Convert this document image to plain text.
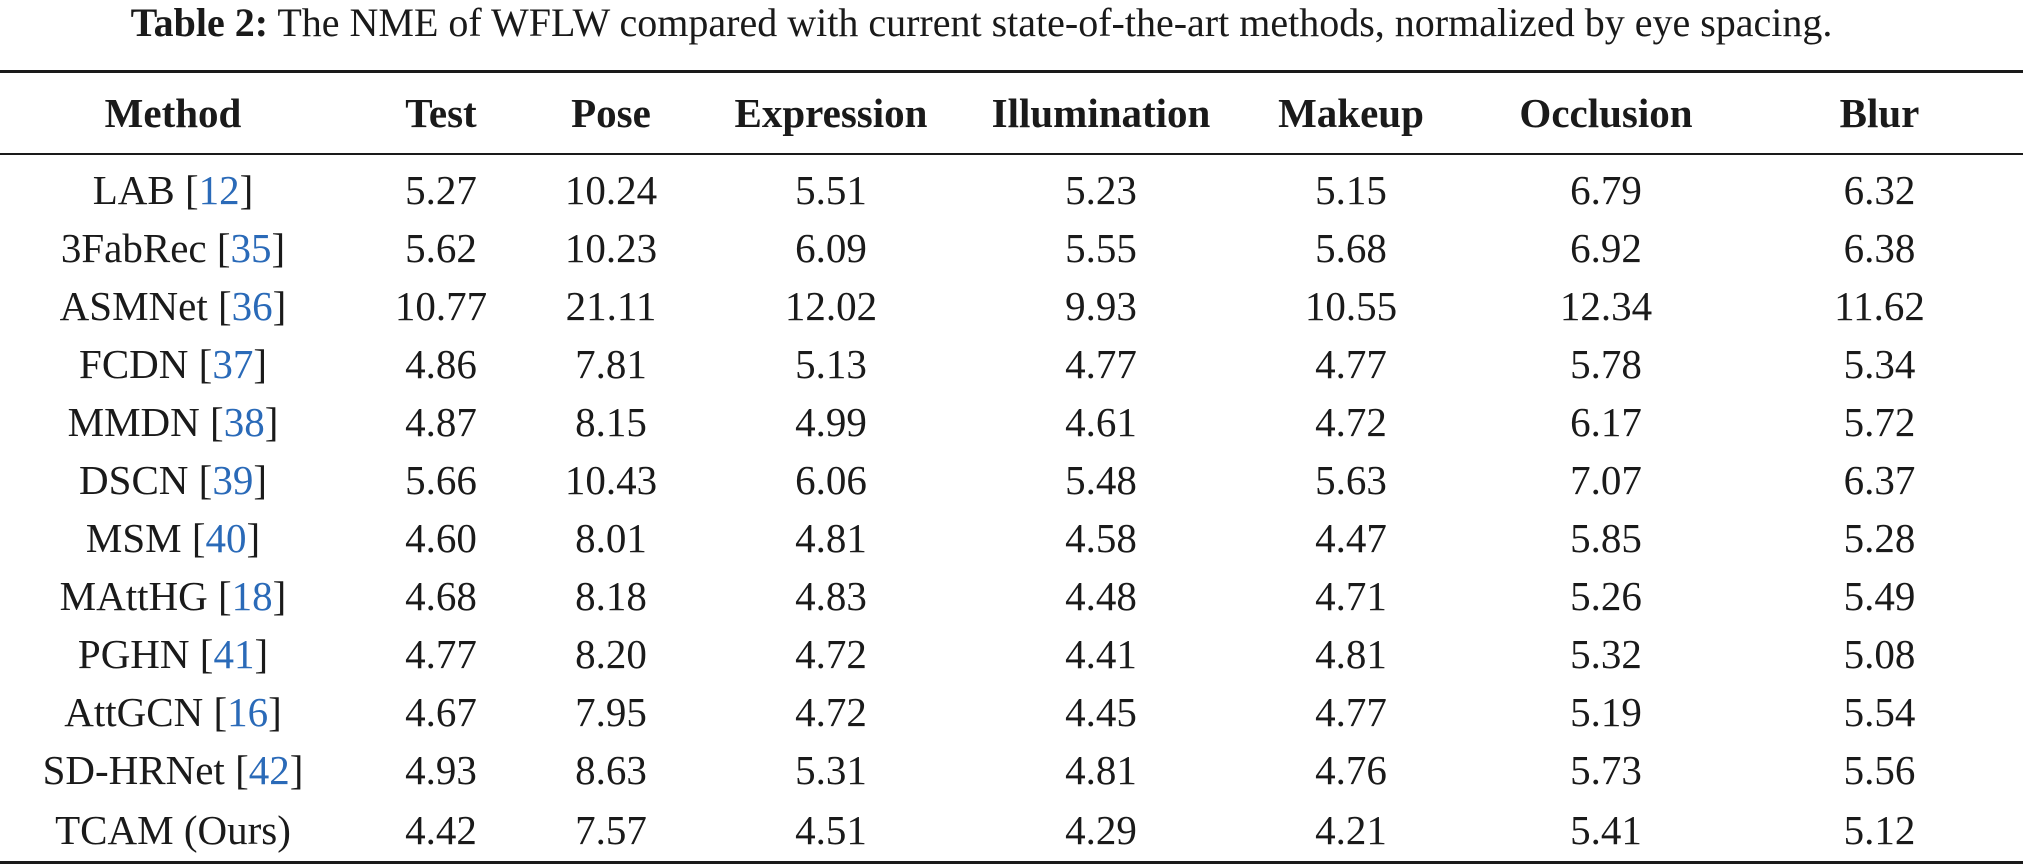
Table 2: The NME of WFLW compared with current state-of-the-art methods, normalized by eye spacing.
Method	Test	Pose	Expression	Illumination	Makeup	Occlusion	Blur
LAB [12]	5.27	10.24	5.51	5.23	5.15	6.79	6.32
3FabRec [35]	5.62	10.23	6.09	5.55	5.68	6.92	6.38
ASMNet [36]	10.77	21.11	12.02	9.93	10.55	12.34	11.62
FCDN [37]	4.86	7.81	5.13	4.77	4.77	5.78	5.34
MMDN [38]	4.87	8.15	4.99	4.61	4.72	6.17	5.72
DSCN [39]	5.66	10.43	6.06	5.48	5.63	7.07	6.37
MSM [40]	4.60	8.01	4.81	4.58	4.47	5.85	5.28
MAttHG [18]	4.68	8.18	4.83	4.48	4.71	5.26	5.49
PGHN [41]	4.77	8.20	4.72	4.41	4.81	5.32	5.08
AttGCN [16]	4.67	7.95	4.72	4.45	4.77	5.19	5.54
SD-HRNet [42]	4.93	8.63	5.31	4.81	4.76	5.73	5.56
TCAM (Ours)	4.42	7.57	4.51	4.29	4.21	5.41	5.12
